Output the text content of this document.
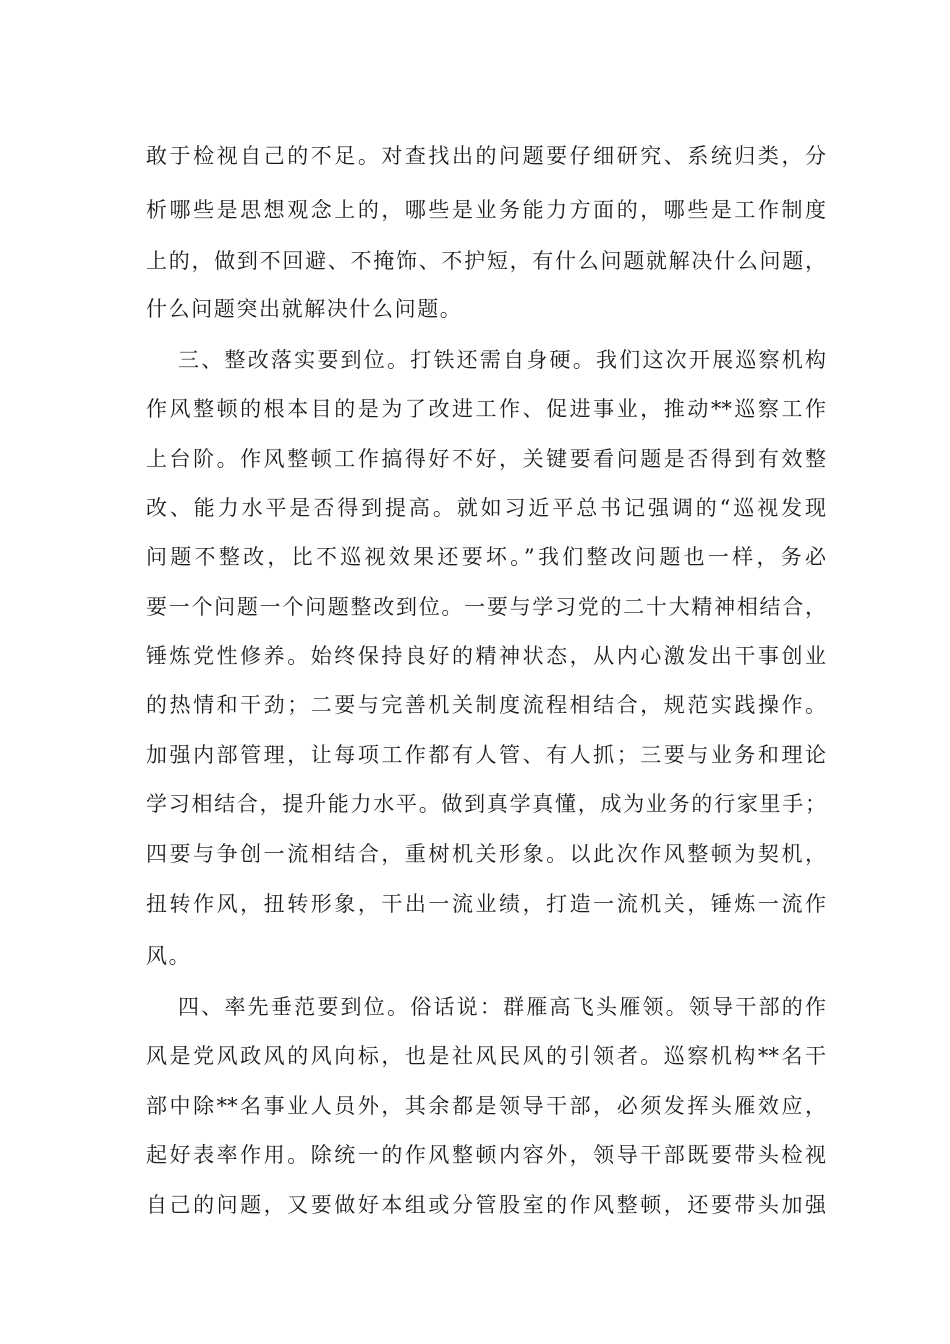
敢于检视自己的不足。对查找出的问题要仔细研究、系统归类，分
析哪些是思想观念上的，哪些是业务能力方面的，哪些是工作制度
上的，做到不回避、不掩饰、不护短，有什么问题就解决什么问题，
什么问题突出就解决什么问题。
三、整改落实要到位。打铁还需自身硬。我们这次开展巡察机构
作风整顿的根本目的是为了改进工作、促进事业，推动**巡察工作
上台阶。作风整顿工作搞得好不好，关键要看问题是否得到有效整
改、能力水平是否得到提高。就如习近平总书记强调的“巡视发现
问题不整改，比不巡视效果还要坏。”我们整改问题也一样，务必
要一个问题一个问题整改到位。一要与学习党的二十大精神相结合，
锤炼党性修养。始终保持良好的精神状态，从内心激发出干事创业
的热情和干劲；二要与完善机关制度流程相结合，规范实践操作。
加强内部管理，让每项工作都有人管、有人抓；三要与业务和理论
学习相结合，提升能力水平。做到真学真懂，成为业务的行家里手；
四要与争创一流相结合，重树机关形象。以此次作风整顿为契机，
扭转作风，扭转形象，干出一流业绩，打造一流机关，锤炼一流作
风。
四、率先垂范要到位。俗话说：群雁高飞头雁领。领导干部的作
风是党风政风的风向标，也是社风民风的引领者。巡察机构**名干
部中除**名事业人员外，其余都是领导干部，必须发挥头雁效应，
起好表率作用。除统一的作风整顿内容外，领导干部既要带头检视
自己的问题，又要做好本组或分管股室的作风整顿，还要带头加强
